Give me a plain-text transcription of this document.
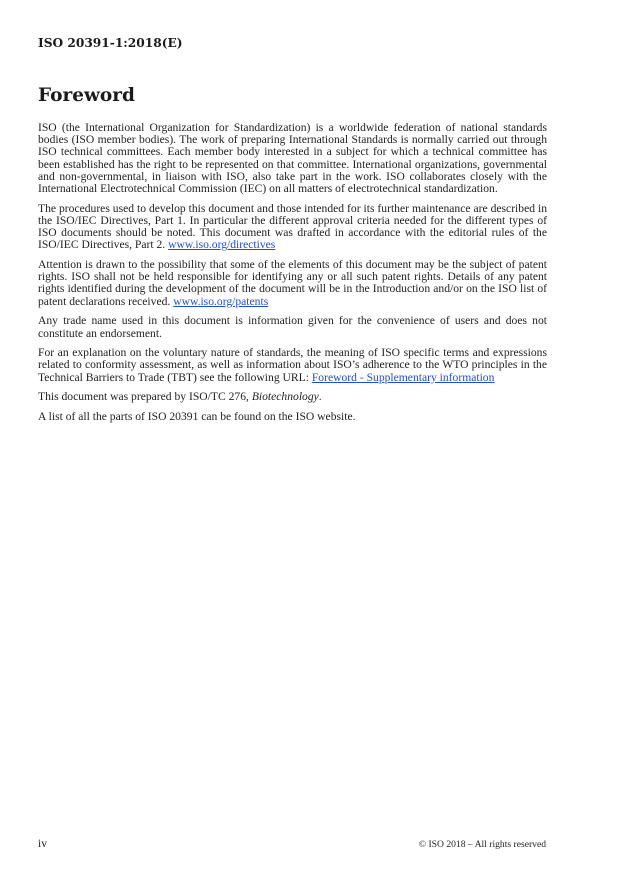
ISO 20391-1:2018(E)
Foreword

ISO (the International Organization for Standardization) is a worldwide federation of national standards bodies (ISO member bodies). The work of preparing International Standards is normally carried out through ISO technical committees. Each member body interested in a subject for which a technical committee has been established has the right to be represented on that committee. International organizations, governmental and non-governmental, in liaison with ISO, also take part in the work. ISO collaborates closely with the International Electrotechnical Commission (IEC) on all matters of electrotechnical standardization.

The procedures used to develop this document and those intended for its further maintenance are described in the ISO/IEC Directives, Part 1. In particular the different approval criteria needed for the different types of ISO documents should be noted. This document was drafted in accordance with the editorial rules of the ISO/IEC Directives, Part 2. www.iso.org/directives

Attention is drawn to the possibility that some of the elements of this document may be the subject of patent rights. ISO shall not be held responsible for identifying any or all such patent rights. Details of any patent rights identified during the development of the document will be in the Introduction and/or on the ISO list of patent declarations received. www.iso.org/patents

Any trade name used in this document is information given for the convenience of users and does not constitute an endorsement.

For an explanation on the voluntary nature of standards, the meaning of ISO specific terms and expressions related to conformity assessment, as well as information about ISO’s adherence to the WTO principles in the Technical Barriers to Trade (TBT) see the following URL: Foreword - Supplementary information

This document was prepared by ISO/TC 276, Biotechnology.

A list of all the parts of ISO 20391 can be found on the ISO website.

iv	© ISO 2018 – All rights reserved
